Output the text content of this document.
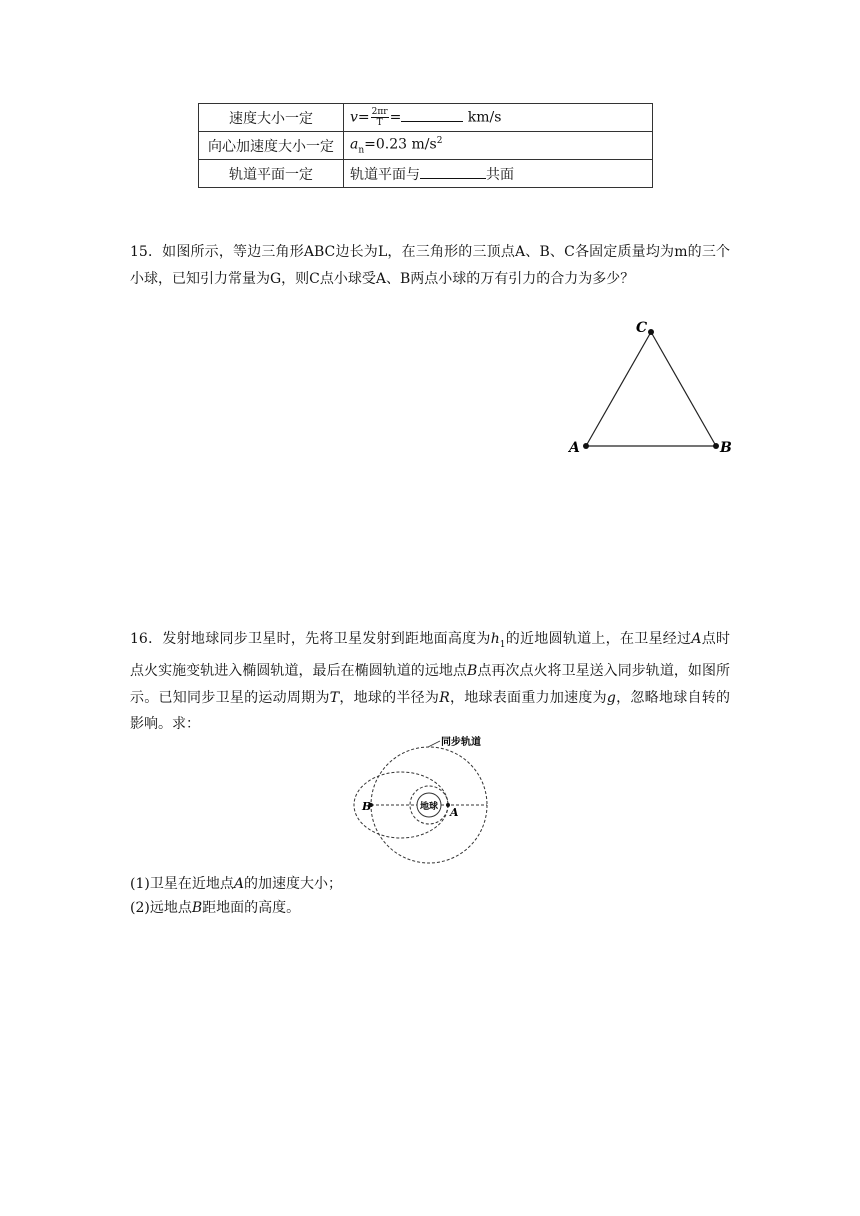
速度大小一定	$v= \frac{2\pi r}{T} = km/s$
向心加速度大小一定	$a_n=0.23$ $m/s^2$
轨道平面一定	轨道平面与 共面
15．如图所示，等边三角形ABC边长为L，在三角形的三顶点A、B、C各固定质量均为m的三个小球，已知引力常量为G，则C点小球受A、B两点小球的万有引力的合力为多少？
A	B
C
16．发射地球同步卫星时，先将卫星发射到距地面高度为$h_1$的近地圆轨道上，在卫星经过A点时点火实施变轨进入椭圆轨道，最后在椭圆轨道的远地点B点再次点火将卫星送入同步轨道，如图所示。已知同步卫星的运动周期为T，地球的半径为R，地球表面重力加速度为g，忽略地球自转的影响。求：
地球
B	A
同步轨道
(1)卫星在近地点A的加速度大小；
(2)远地点B距地面的高度。
